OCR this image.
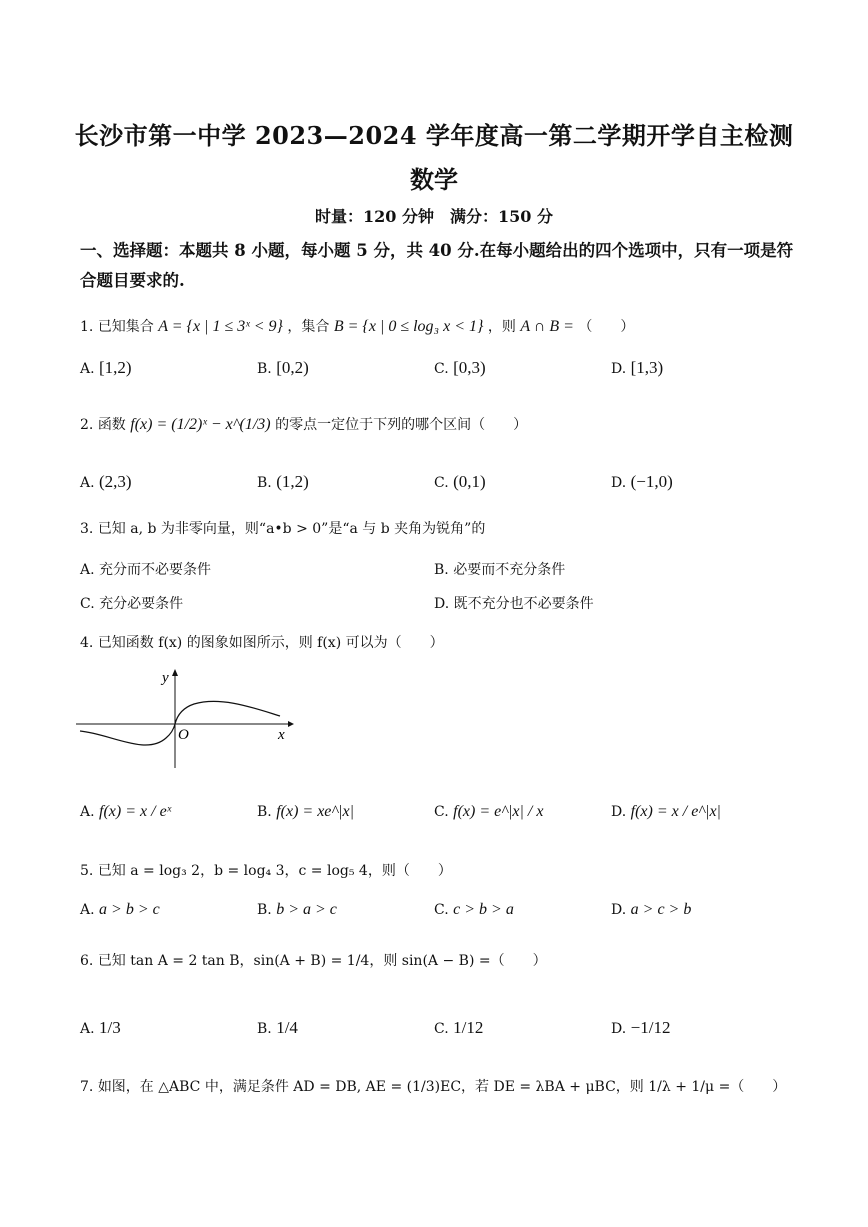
长沙市第一中学 2023—2024 学年度高一第二学期开学自主检测
数学
时量：120 分钟　满分：150 分
一、选择题：本题共 8 小题，每小题 5 分，共 40 分.在每小题给出的四个选项中，只有一项是符合题目要求的.
1. 已知集合 A = {x | 1 ≤ 3ˣ < 9} ，集合 B = {x | 0 ≤ log₃ x < 1} ，则 A ∩ B = （　　）
A. [1,2)	B. [0,2)	C. [0,3)	D. [1,3)
2. 函数 f(x) = (1/2)ˣ − x^(1/3) 的零点一定位于下列的哪个区间（　　）
A. (2,3)	B. (1,2)	C. (0,1)	D. (−1,0)
3. 已知 a, b 为非零向量，则“a•b > 0”是“a 与 b 夹角为锐角”的
A. 充分而不必要条件	B. 必要而不充分条件
C. 充分必要条件	D. 既不充分也不必要条件
4. 已知函数 f(x) 的图象如图所示，则 f(x) 可以为（　　）
y
O	x
A. f(x) = x / eˣ	B. f(x) = xe^|x|	C. f(x) = e^|x| / x	D. f(x) = x / e^|x|
5. 已知 a = log₃ 2，b = log₄ 3，c = log₅ 4，则（　　）
A. a > b > c	B. b > a > c	C. c > b > a	D. a > c > b
6. 已知 tan A = 2 tan B，sin(A + B) = 1/4，则 sin(A − B) =（　　）
A. 1/3	B. 1/4	C. 1/12	D. −1/12
7. 如图，在 △ABC 中，满足条件 AD = DB, AE = (1/3)EC，若 DE = λBA + μBC，则 1/λ + 1/μ =（　　）
